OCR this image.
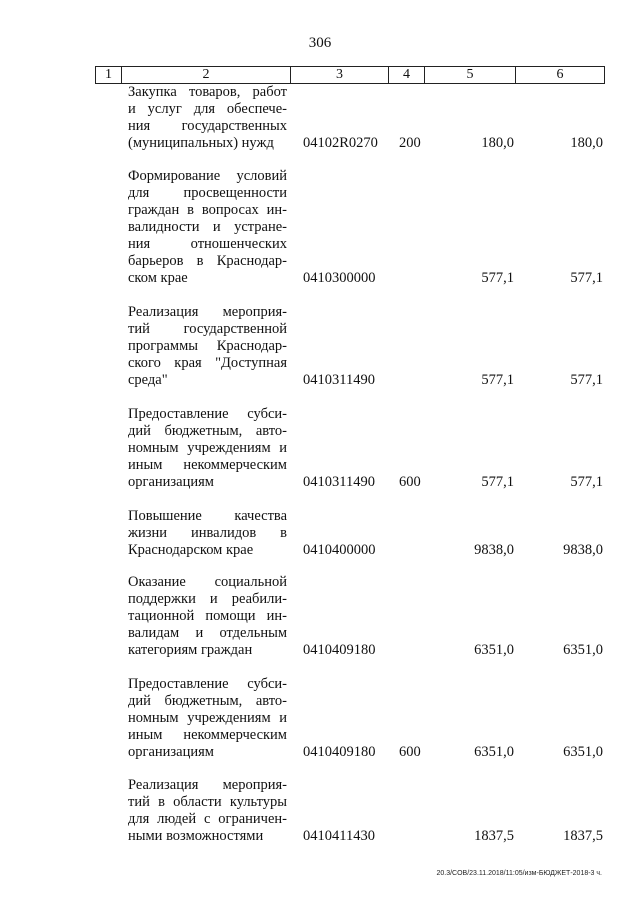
306
1	2	3	4	5	6
Закупка товаров, работ
и услуг для обеспече-
ния государственных
(муниципальных) нужд	04102R0270 200	180,0	180,0
Формирование условий
для просвещенности
граждан в вопросах ин-
валидности и устране-
ния отношенческих
барьеров в Краснодар-
ском крае	0410300000	577,1	577,1
Реализация мероприя-
тий государственной
программы Краснодар-
ского края "Доступная
среда"	0410311490	577,1	577,1
Предоставление субси-
дий бюджетным, авто-
номным учреждениям и
иным некоммерческим
организациям	0410311490 600	577,1	577,1
Повышение качества
жизни инвалидов в
Краснодарском крае	0410400000	9838,0	9838,0
Оказание социальной
поддержки и реабили-
тационной помощи ин-
валидам и отдельным
категориям граждан	0410409180	6351,0	6351,0
Предоставление субси-
дий бюджетным, авто-
номным учреждениям и
иным некоммерческим
организациям	0410409180 600	6351,0	6351,0
Реализация мероприя-
тий в области культуры
для людей с ограничен-
ными возможностями	0410411430	1837,5	1837,5
20.3/COB/23.11.2018/11:05/изм-БЮДЖЕТ-2018-3 ч.
